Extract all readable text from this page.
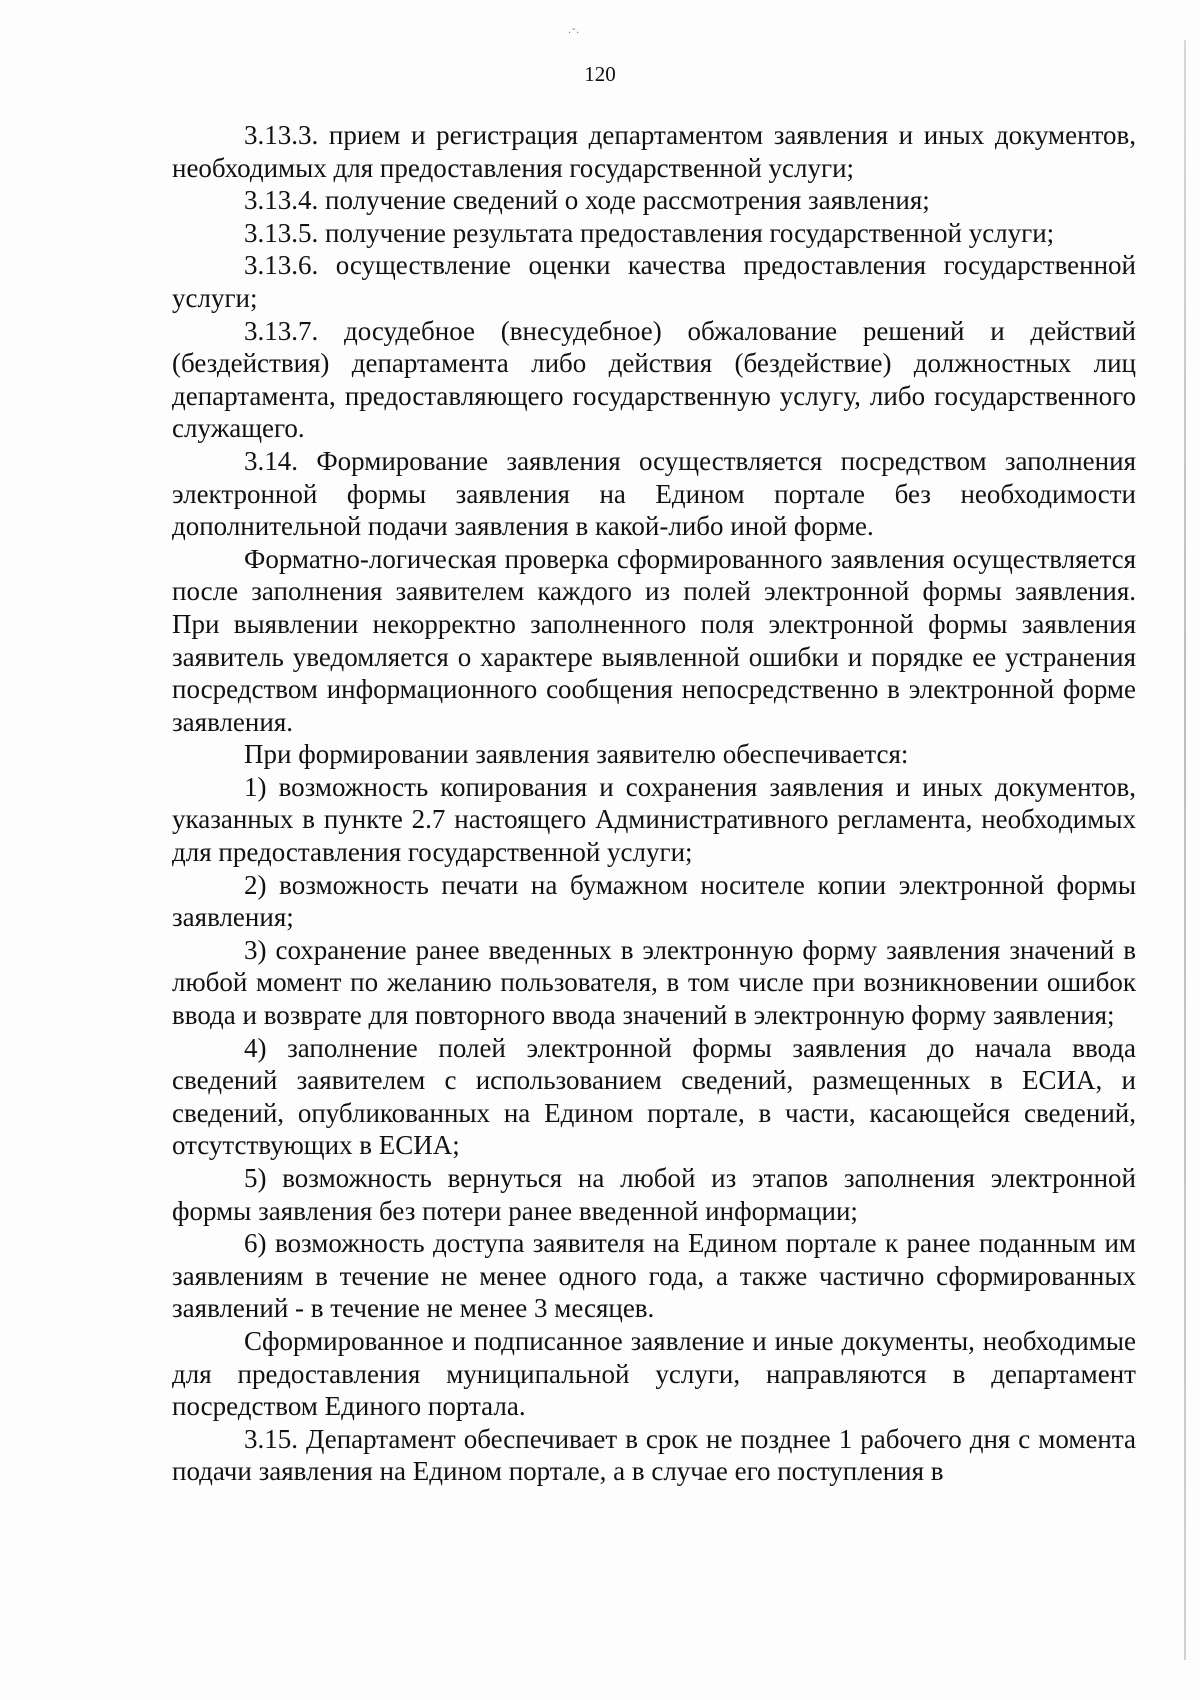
·ˇ·
120

3.13.3. прием и регистрация департаментом заявления и иных документов, необходимых для предоставления государственной услуги;

3.13.4. получение сведений о ходе рассмотрения заявления;

3.13.5. получение результата предоставления государственной услуги;

3.13.6. осуществление оценки качества предоставления государственной услуги;

3.13.7. досудебное (внесудебное) обжалование решений и действий (бездействия) департамента либо действия (бездействие) должностных лиц департамента, предоставляющего государственную услугу, либо государственного служащего.

3.14. Формирование заявления осуществляется посредством заполнения электронной формы заявления на Едином портале без необходимости дополнительной подачи заявления в какой-либо иной форме.

Форматно-логическая проверка сформированного заявления осуществляется после заполнения заявителем каждого из полей электронной формы заявления. При выявлении некорректно заполненного поля электронной формы заявления заявитель уведомляется о характере выявленной ошибки и порядке ее устранения посредством информационного сообщения непосредственно в электронной форме заявления.

При формировании заявления заявителю обеспечивается:

1) возможность копирования и сохранения заявления и иных документов, указанных в пункте 2.7 настоящего Административного регламента, необходимых для предоставления государственной услуги;

2) возможность печати на бумажном носителе копии электронной формы заявления;

3) сохранение ранее введенных в электронную форму заявления значений в любой момент по желанию пользователя, в том числе при возникновении ошибок ввода и возврате для повторного ввода значений в электронную форму заявления;

4) заполнение полей электронной формы заявления до начала ввода сведений заявителем с использованием сведений, размещенных в ЕСИА, и сведений, опубликованных на Едином портале, в части, касающейся сведений, отсутствующих в ЕСИА;

5) возможность вернуться на любой из этапов заполнения электронной формы заявления без потери ранее введенной информации;

6) возможность доступа заявителя на Едином портале к ранее поданным им заявлениям в течение не менее одного года, а также частично сформированных заявлений - в течение не менее 3 месяцев.

Сформированное и подписанное заявление и иные документы, необходимые для предоставления муниципальной услуги, направляются в департамент посредством Единого портала.

3.15. Департамент обеспечивает в срок не позднее 1 рабочего дня с момента подачи заявления на Едином портале, а в случае его поступления в
